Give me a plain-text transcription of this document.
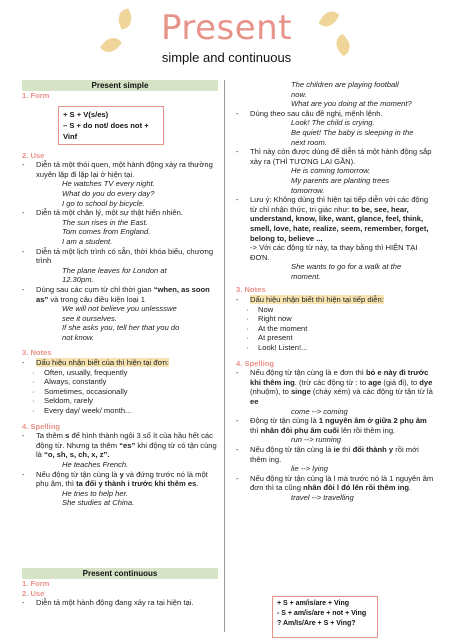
Present
simple and continuous
Present simple
1. Form
+ S + V(s/es)
– S + do not/ does not + Vinf
2. Use
- Diễn tả một thói quen, một hành động xảy ra thường xuyên lặp đi lặp lại ở hiện tại.
He watches TV every night.
What do you do every day?
I go to school by bicycle.
- Diễn tả một chân lý, một sự thật hiển nhiên.
The sun rises in the East.
Tom comes from England.
I am a student.
- Diễn tả một lịch trình có sẵn, thời khóa biểu, chương trình
The plane leaves for London at
12.30pm.
- Dùng sau các cụm từ chỉ thời gian “when, as soon as” và trong câu điều kiện loại 1
We will not believe you unlessswe
see it ourselves.
If she asks you, tell her that you do
not know.
3. Notes
- Dấu hiệu nhận biết của thì hiện tại đơn:
· Often, usually, frequently
· Always, constantly
· Sometimes, occasionally
· Seldom, rarely
· Every day/ week/ month...
4. Spelling
- Ta thêm s để hình thành ngôi 3 số ít của hầu hết các động từ. Nhưng ta thêm “es” khi động từ có tận cùng là “o, sh, s, ch, x, z”.
He teaches French.
- Nếu động từ tận cùng là y và đứng trước nó là một phụ âm, thì ta đổi y thành i trước khi thêm es.
He tries to help her.
She studies at China.
Present continuous
1. Form
2. Use
- Diễn tả một hành động đang xảy ra tại hiện tại.
The children are playing football
now.
What are you doing at the moment?
- Dùng theo sau câu đề nghị, mệnh lệnh.
Look! The child is crying.
Be quiet! The baby is sleeping in the
next room.
- Thì này còn được dùng để diễn tả một hành động sắp xảy ra (THÌ TƯƠNG LAI GẦN).
He is coming tomorrow.
My parents are planting trees
tomorrow.
- Lưu ý: Không dùng thì hiện tại tiếp diễn với các động từ chỉ nhận thức, tri giác như: to be, see, hear, understand, know, like, want, glance, feel, think, smell, love, hate, realize, seem, remember, forget, belong to, believe ...
-> Với các động từ này, ta thay bằng thì HIỆN TẠI ĐƠN.
She wants to go for a walk at the
moment.
3. Notes
- Dấu hiệu nhận biết thì hiện tại tiếp diễn:
· Now
· Right now
· At the moment
· At present
· Look! Listen!...
4. Spelling
- Nếu động từ tận cùng là e đơn thì bỏ e này đi trước khi thêm ing. (trừ các động từ : to age (già đi), to dye (nhuộm), to singe (cháy xém) và các động từ tận từ là ee
come --> coming
- Động từ tận cùng là 1 nguyên âm ở giữa 2 phụ âm thì nhân đôi phụ âm cuối lên rồi thêm ing.
run --> running
- Nếu động từ tận cùng là ie thì đổi thành y rồi mới thêm ing.
lie --> lying
- Nếu động từ tận cùng là l mà trước nó là 1 nguyên âm đơn thì ta cũng nhân đôi l đó lên rồi thêm ing.
travel --> travelling
+ S + am/is/are + Ving
- S + am/is/are + not + Ving
? Am/Is/Are + S + Ving?
